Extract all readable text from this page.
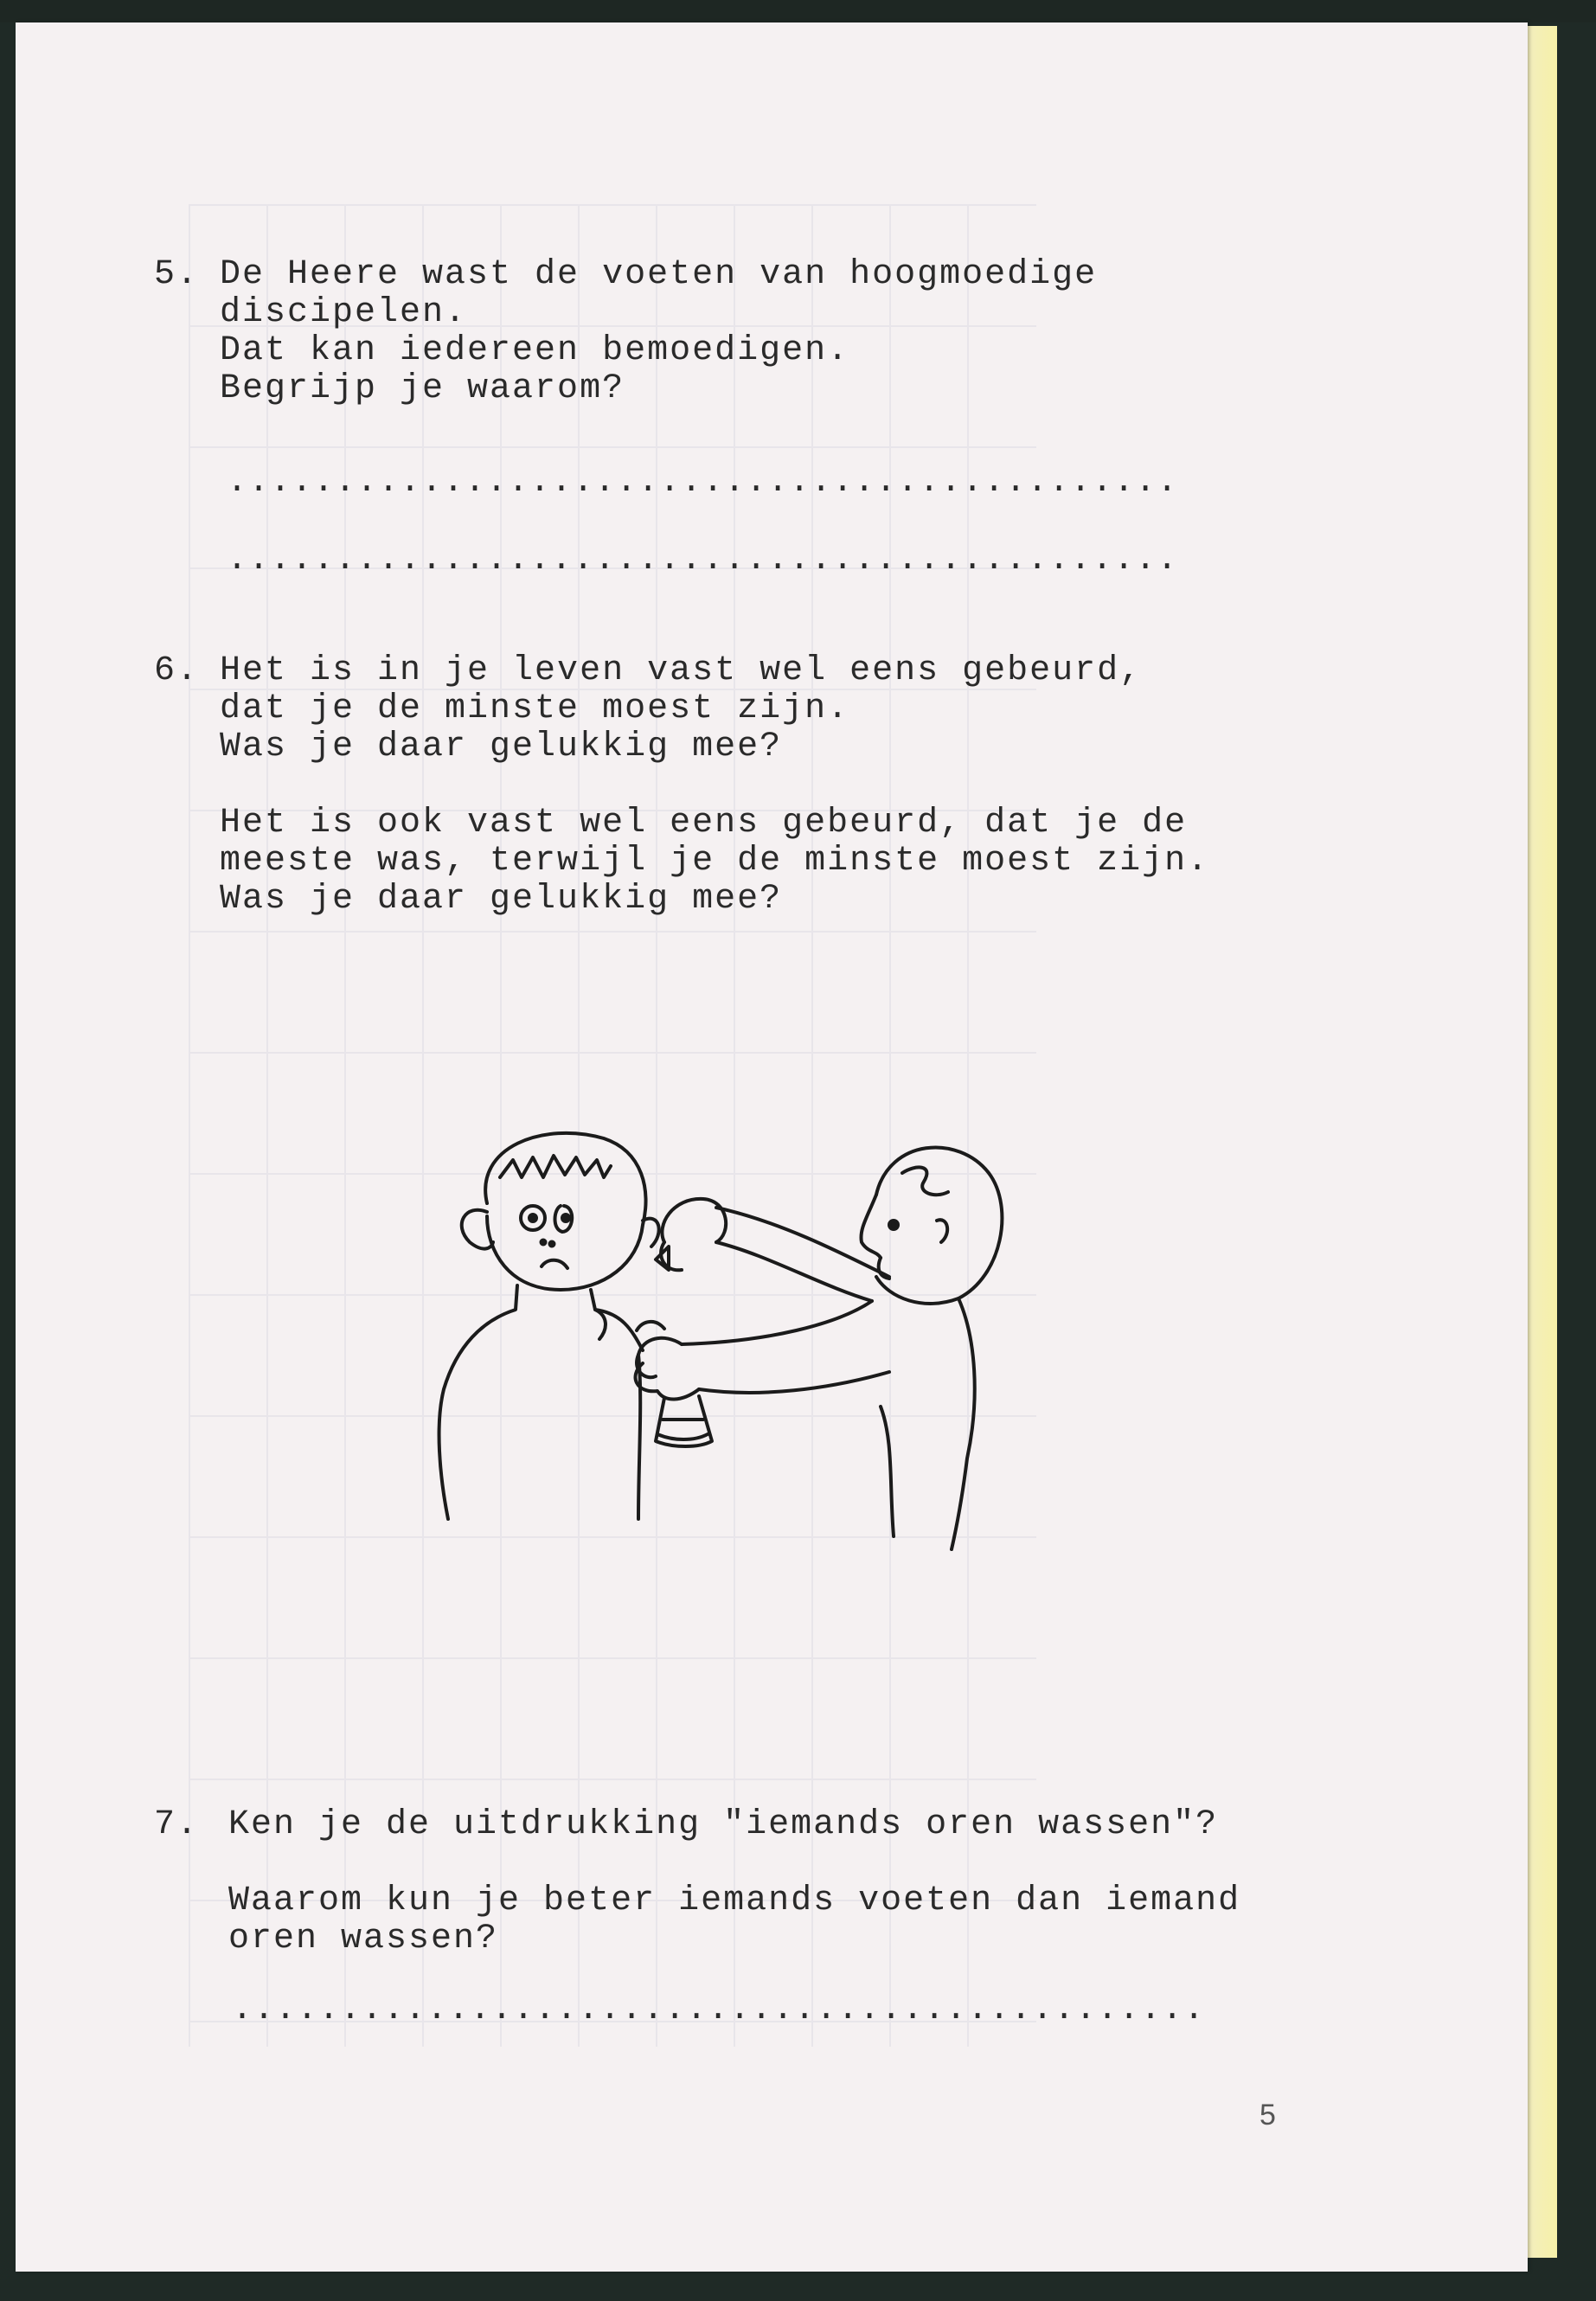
5. De Heere wast de voeten van hoogmoedige
discipelen.
Dat kan iedereen bemoedigen.
Begrijp je waarom?
............................................
............................................
6. Het is in je leven vast wel eens gebeurd,
dat je de minste moest zijn.
Was je daar gelukkig mee?
Het is ook vast wel eens gebeurd, dat je de
meeste was, terwijl je de minste moest zijn.
Was je daar gelukkig mee?
7. Ken je de uitdrukking "iemands oren wassen"?
Waarom kun je beter iemands voeten dan iemand
oren wassen?
.............................................
5
